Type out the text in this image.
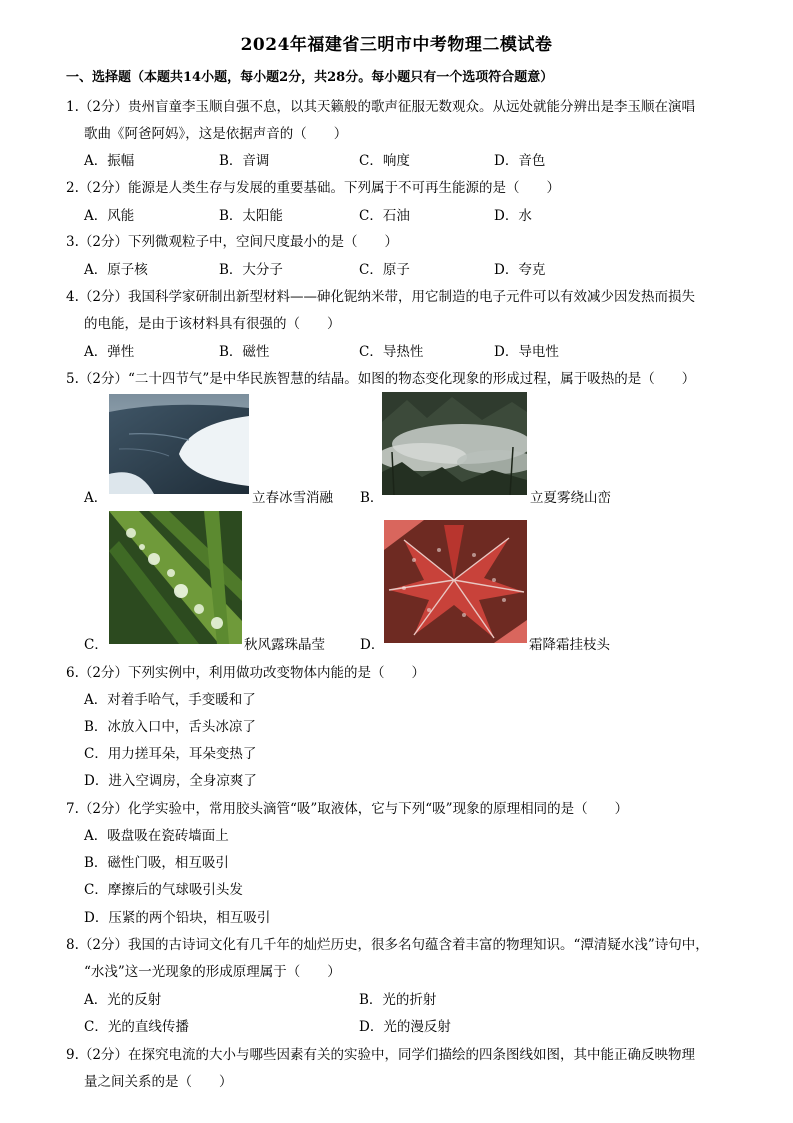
2024年福建省三明市中考物理二模试卷
一、选择题（本题共14小题，每小题2分，共28分。每小题只有一个选项符合题意）
1.（2分）贵州盲童李玉顺自强不息，以其天籁般的歌声征服无数观众。从远处就能分辨出是李玉顺在演唱
歌曲《阿爸阿妈》，这是依据声音的（　　）
A．振幅	B．音调	C．响度	D．音色
2.（2分）能源是人类生存与发展的重要基础。下列属于不可再生能源的是（　　）
A．风能	B．太阳能	C．石油	D．水
3.（2分）下列微观粒子中，空间尺度最小的是（　　）
A．原子核	B．大分子	C．原子	D．夸克
4.（2分）我国科学家研制出新型材料——砷化铌纳米带，用它制造的电子元件可以有效减少因发热而损失
的电能，是由于该材料具有很强的（　　）
A．弹性	B．磁性	C．导热性	D．导电性
5.（2分）“二十四节气”是中华民族智慧的结晶。如图的物态变化现象的形成过程，属于吸热的是（　　）
A．	立春冰雪消融 B．	立夏雾绕山峦
C．	秋风露珠晶莹	D．	霜降霜挂枝头
6.（2分）下列实例中，利用做功改变物体内能的是（　　）
A．对着手哈气，手变暖和了
B．冰放入口中，舌头冰凉了
C．用力搓耳朵，耳朵变热了
D．进入空调房，全身凉爽了
7.（2分）化学实验中，常用胶头滴管“吸”取液体，它与下列“吸”现象的原理相同的是（　　）
A．吸盘吸在瓷砖墙面上
B．磁性门吸，相互吸引
C．摩擦后的气球吸引头发
D．压紧的两个铅块，相互吸引
8.（2分）我国的古诗词文化有几千年的灿烂历史，很多名句蕴含着丰富的物理知识。“潭清疑水浅”诗句中，
“水浅”这一光现象的形成原理属于（　　）
A．光的反射	B．光的折射
C．光的直线传播	D．光的漫反射
9.（2分）在探究电流的大小与哪些因素有关的实验中，同学们描绘的四条图线如图，其中能正确反映物理
量之间关系的是（　　）
